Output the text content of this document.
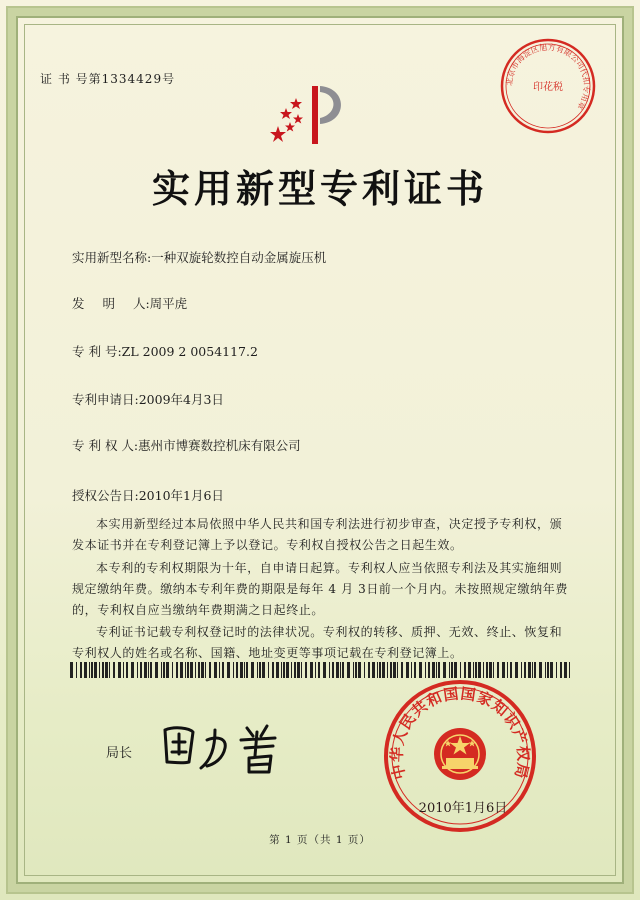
证 书 号第1334429号	北京市海淀区旭方有限公司代扣专用章
印花税
实用新型专利证书
实用新型名称:一种双旋轮数控自动金属旋压机
发 明 人:周平虎
专 利 号:ZL 2009 2 0054117.2
专利申请日:2009年4月3日
专 利 权 人:惠州市博赛数控机床有限公司
授权公告日:2010年1月6日
本实用新型经过本局依照中华人民共和国专利法进行初步审查，决定授予专利权，颁发本证书并在专利登记簿上予以登记。专利权自授权公告之日起生效。
本专利的专利权期限为十年，自申请日起算。专利权人应当依照专利法及其实施细则规定缴纳年费。缴纳本专利年费的期限是每年 4 月 3日前一个月内。未按照规定缴纳年费的，专利权自应当缴纳年费期满之日起终止。
专利证书记载专利权登记时的法律状况。专利权的转移、质押、无效、终止、恢复和专利权人的姓名或名称、国籍、地址变更等事项记载在专利登记簿上。
局长
中华人民共和国国家知识产权局
2010年1月6日
第 1 页（共 1 页）
